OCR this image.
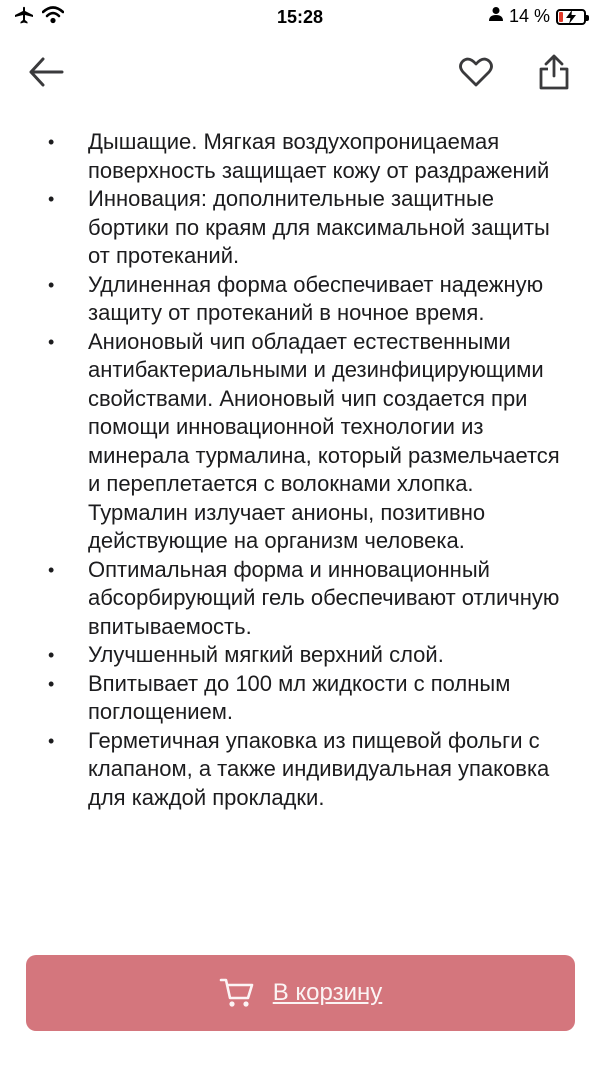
15:28	14 %
• Дышащие. Мягкая воздухопроницаемая поверхность защищает кожу от раздражений
• Инновация: дополнительные защитные бортики по краям для максимальной защиты от протеканий.
• Удлиненная форма обеспечивает надежную защиту от протеканий в ночное время.
• Анионовый чип обладает естественными антибактериальными и дезинфицирующими свойствами. Анионовый чип создается при помощи инновационной технологии из минерала турмалина, который размельчается и переплетается с волокнами хлопка. Турмалин излучает анионы, позитивно действующие на организм человека.
• Оптимальная форма и инновационный абсорбирующий гель обеспечивают отличную впитываемость.
• Улучшенный мягкий верхний слой.
• Впитывает до 100 мл жидкости с полным поглощением.
• Герметичная упаковка из пищевой фольги с клапаном, а также индивидуальная упаковка для каждой прокладки.
В корзину
